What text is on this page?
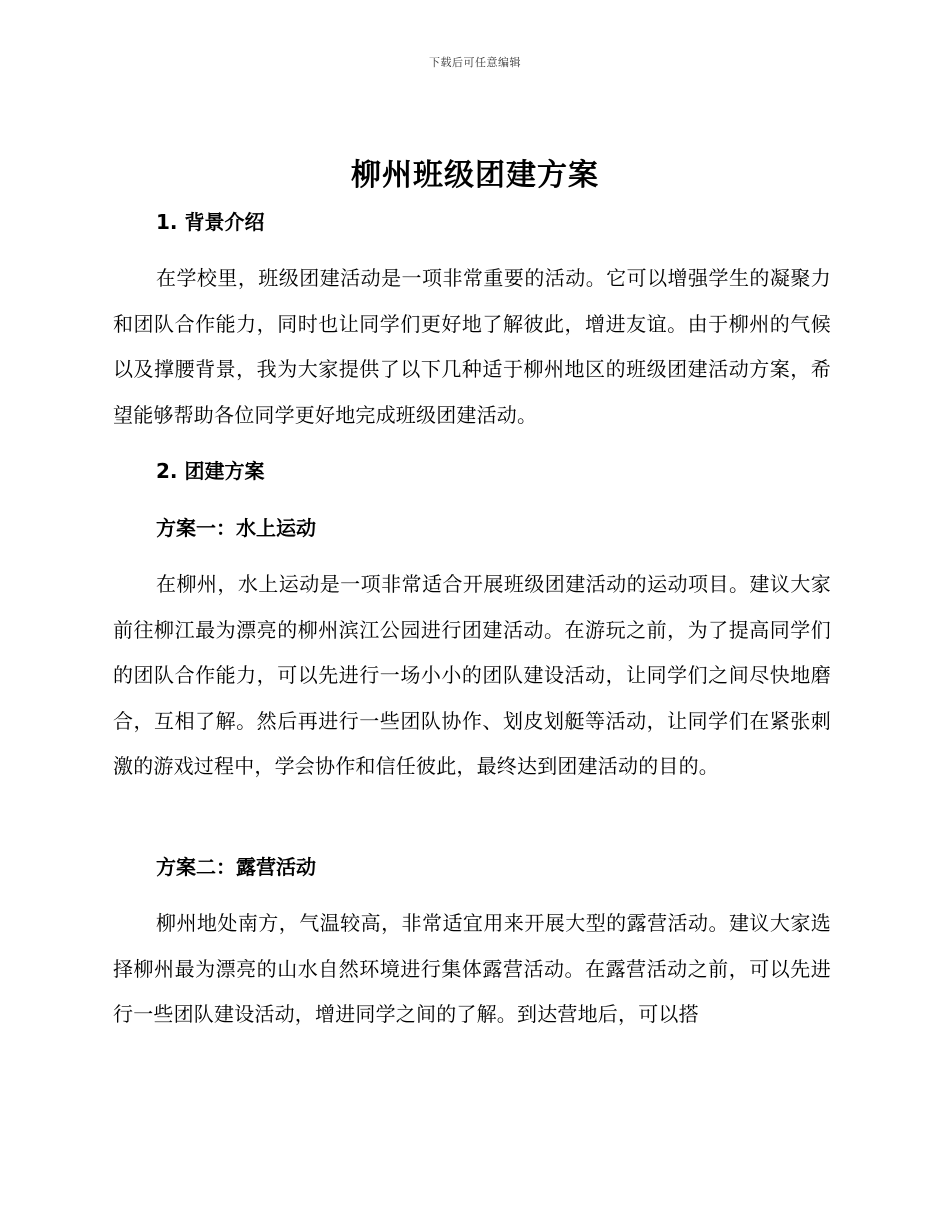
下载后可任意编辑
柳州班级团建方案
1. 背景介绍
在学校里，班级团建活动是一项非常重要的活动。它可以增强学生的凝聚力和团队合作能力，同时也让同学们更好地了解彼此，增进友谊。由于柳州的气候以及撑腰背景，我为大家提供了以下几种适于柳州地区的班级团建活动方案，希望能够帮助各位同学更好地完成班级团建活动。
2. 团建方案
方案一：水上运动
在柳州，水上运动是一项非常适合开展班级团建活动的运动项目。建议大家前往柳江最为漂亮的柳州滨江公园进行团建活动。在游玩之前，为了提高同学们的团队合作能力，可以先进行一场小小的团队建设活动，让同学们之间尽快地磨合，互相了解。然后再进行一些团队协作、划皮划艇等活动，让同学们在紧张刺激的游戏过程中，学会协作和信任彼此，最终达到团建活动的目的。
方案二：露营活动
柳州地处南方，气温较高，非常适宜用来开展大型的露营活动。建议大家选择柳州最为漂亮的山水自然环境进行集体露营活动。在露营活动之前，可以先进行一些团队建设活动，增进同学之间的了解。到达营地后，可以搭
